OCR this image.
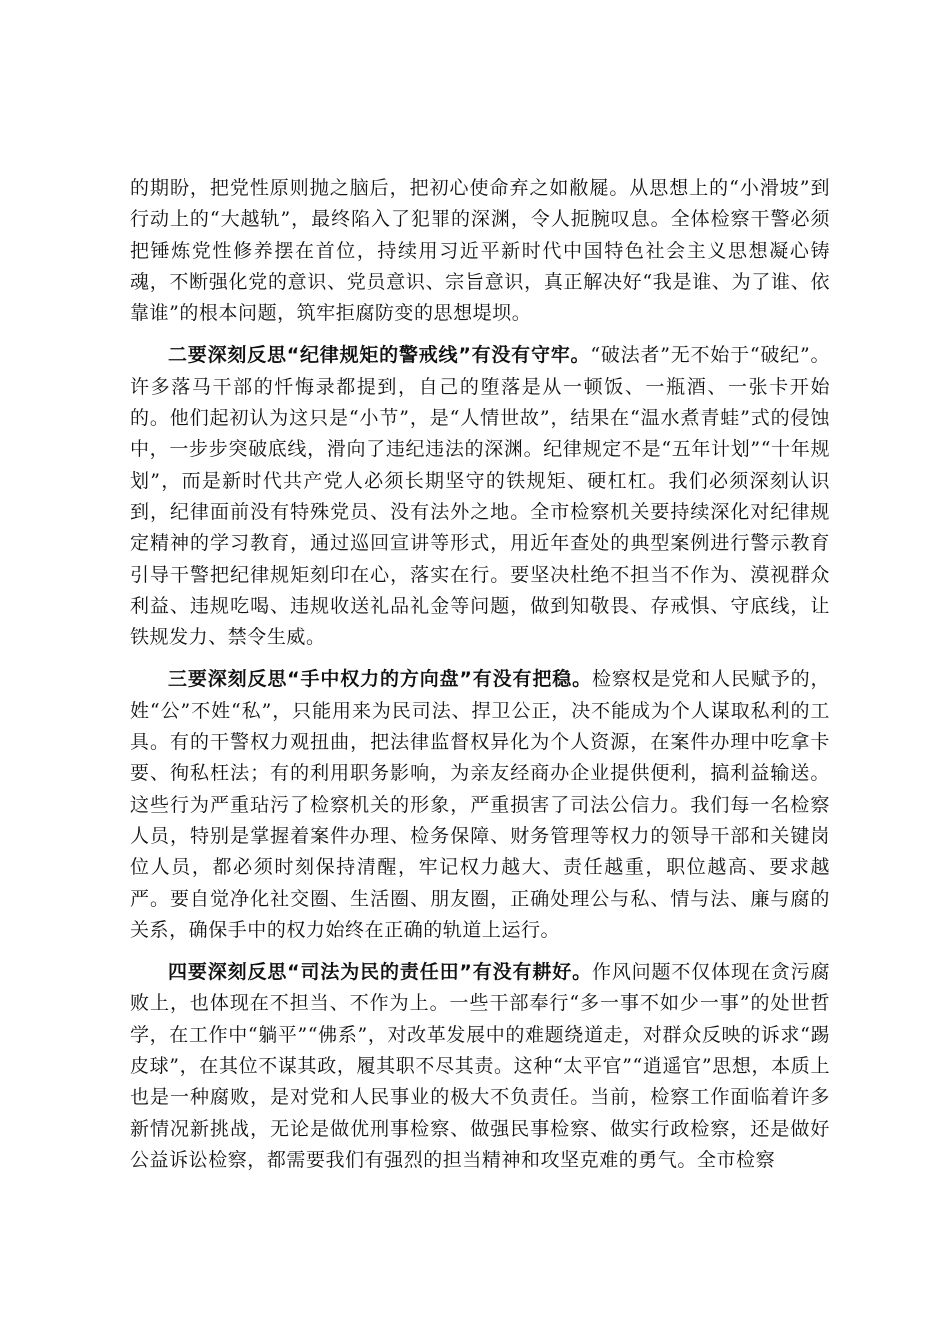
的期盼，把党性原则抛之脑后，把初心使命弃之如敝屣。从思想上的“小滑坡”到行动上的“大越轨”，最终陷入了犯罪的深渊，令人扼腕叹息。全体检察干警必须把锤炼党性修养摆在首位，持续用习近平新时代中国特色社会主义思想凝心铸魂，不断强化党的意识、党员意识、宗旨意识，真正解决好“我是谁、为了谁、依靠谁”的根本问题，筑牢拒腐防变的思想堤坝。

二要深刻反思“纪律规矩的警戒线”有没有守牢。“破法者”无不始于“破纪”。许多落马干部的忏悔录都提到，自己的堕落是从一顿饭、一瓶酒、一张卡开始的。他们起初认为这只是“小节”，是“人情世故”，结果在“温水煮青蛙”式的侵蚀中，一步步突破底线，滑向了违纪违法的深渊。纪律规定不是“五年计划”“十年规划”，而是新时代共产党人必须长期坚守的铁规矩、硬杠杠。我们必须深刻认识到，纪律面前没有特殊党员、没有法外之地。全市检察机关要持续深化对纪律规定精神的学习教育，通过巡回宣讲等形式，用近年查处的典型案例进行警示教育引导干警把纪律规矩刻印在心，落实在行。要坚决杜绝不担当不作为、漠视群众利益、违规吃喝、违规收送礼品礼金等问题，做到知敬畏、存戒惧、守底线，让铁规发力、禁令生威。

三要深刻反思“手中权力的方向盘”有没有把稳。检察权是党和人民赋予的，姓“公”不姓“私”，只能用来为民司法、捍卫公正，决不能成为个人谋取私利的工具。有的干警权力观扭曲，把法律监督权异化为个人资源，在案件办理中吃拿卡要、徇私枉法；有的利用职务影响，为亲友经商办企业提供便利，搞利益输送。这些行为严重玷污了检察机关的形象，严重损害了司法公信力。我们每一名检察人员，特别是掌握着案件办理、检务保障、财务管理等权力的领导干部和关键岗位人员，都必须时刻保持清醒，牢记权力越大、责任越重，职位越高、要求越严。要自觉净化社交圈、生活圈、朋友圈，正确处理公与私、情与法、廉与腐的关系，确保手中的权力始终在正确的轨道上运行。

四要深刻反思“司法为民的责任田”有没有耕好。作风问题不仅体现在贪污腐败上，也体现在不担当、不作为上。一些干部奉行“多一事不如少一事”的处世哲学，在工作中“躺平”“佛系”，对改革发展中的难题绕道走，对群众反映的诉求“踢皮球”，在其位不谋其政，履其职不尽其责。这种“太平官”“逍遥官”思想，本质上也是一种腐败，是对党和人民事业的极大不负责任。当前，检察工作面临着许多新情况新挑战，无论是做优刑事检察、做强民事检察、做实行政检察，还是做好公益诉讼检察，都需要我们有强烈的担当精神和攻坚克难的勇气。全市检察
